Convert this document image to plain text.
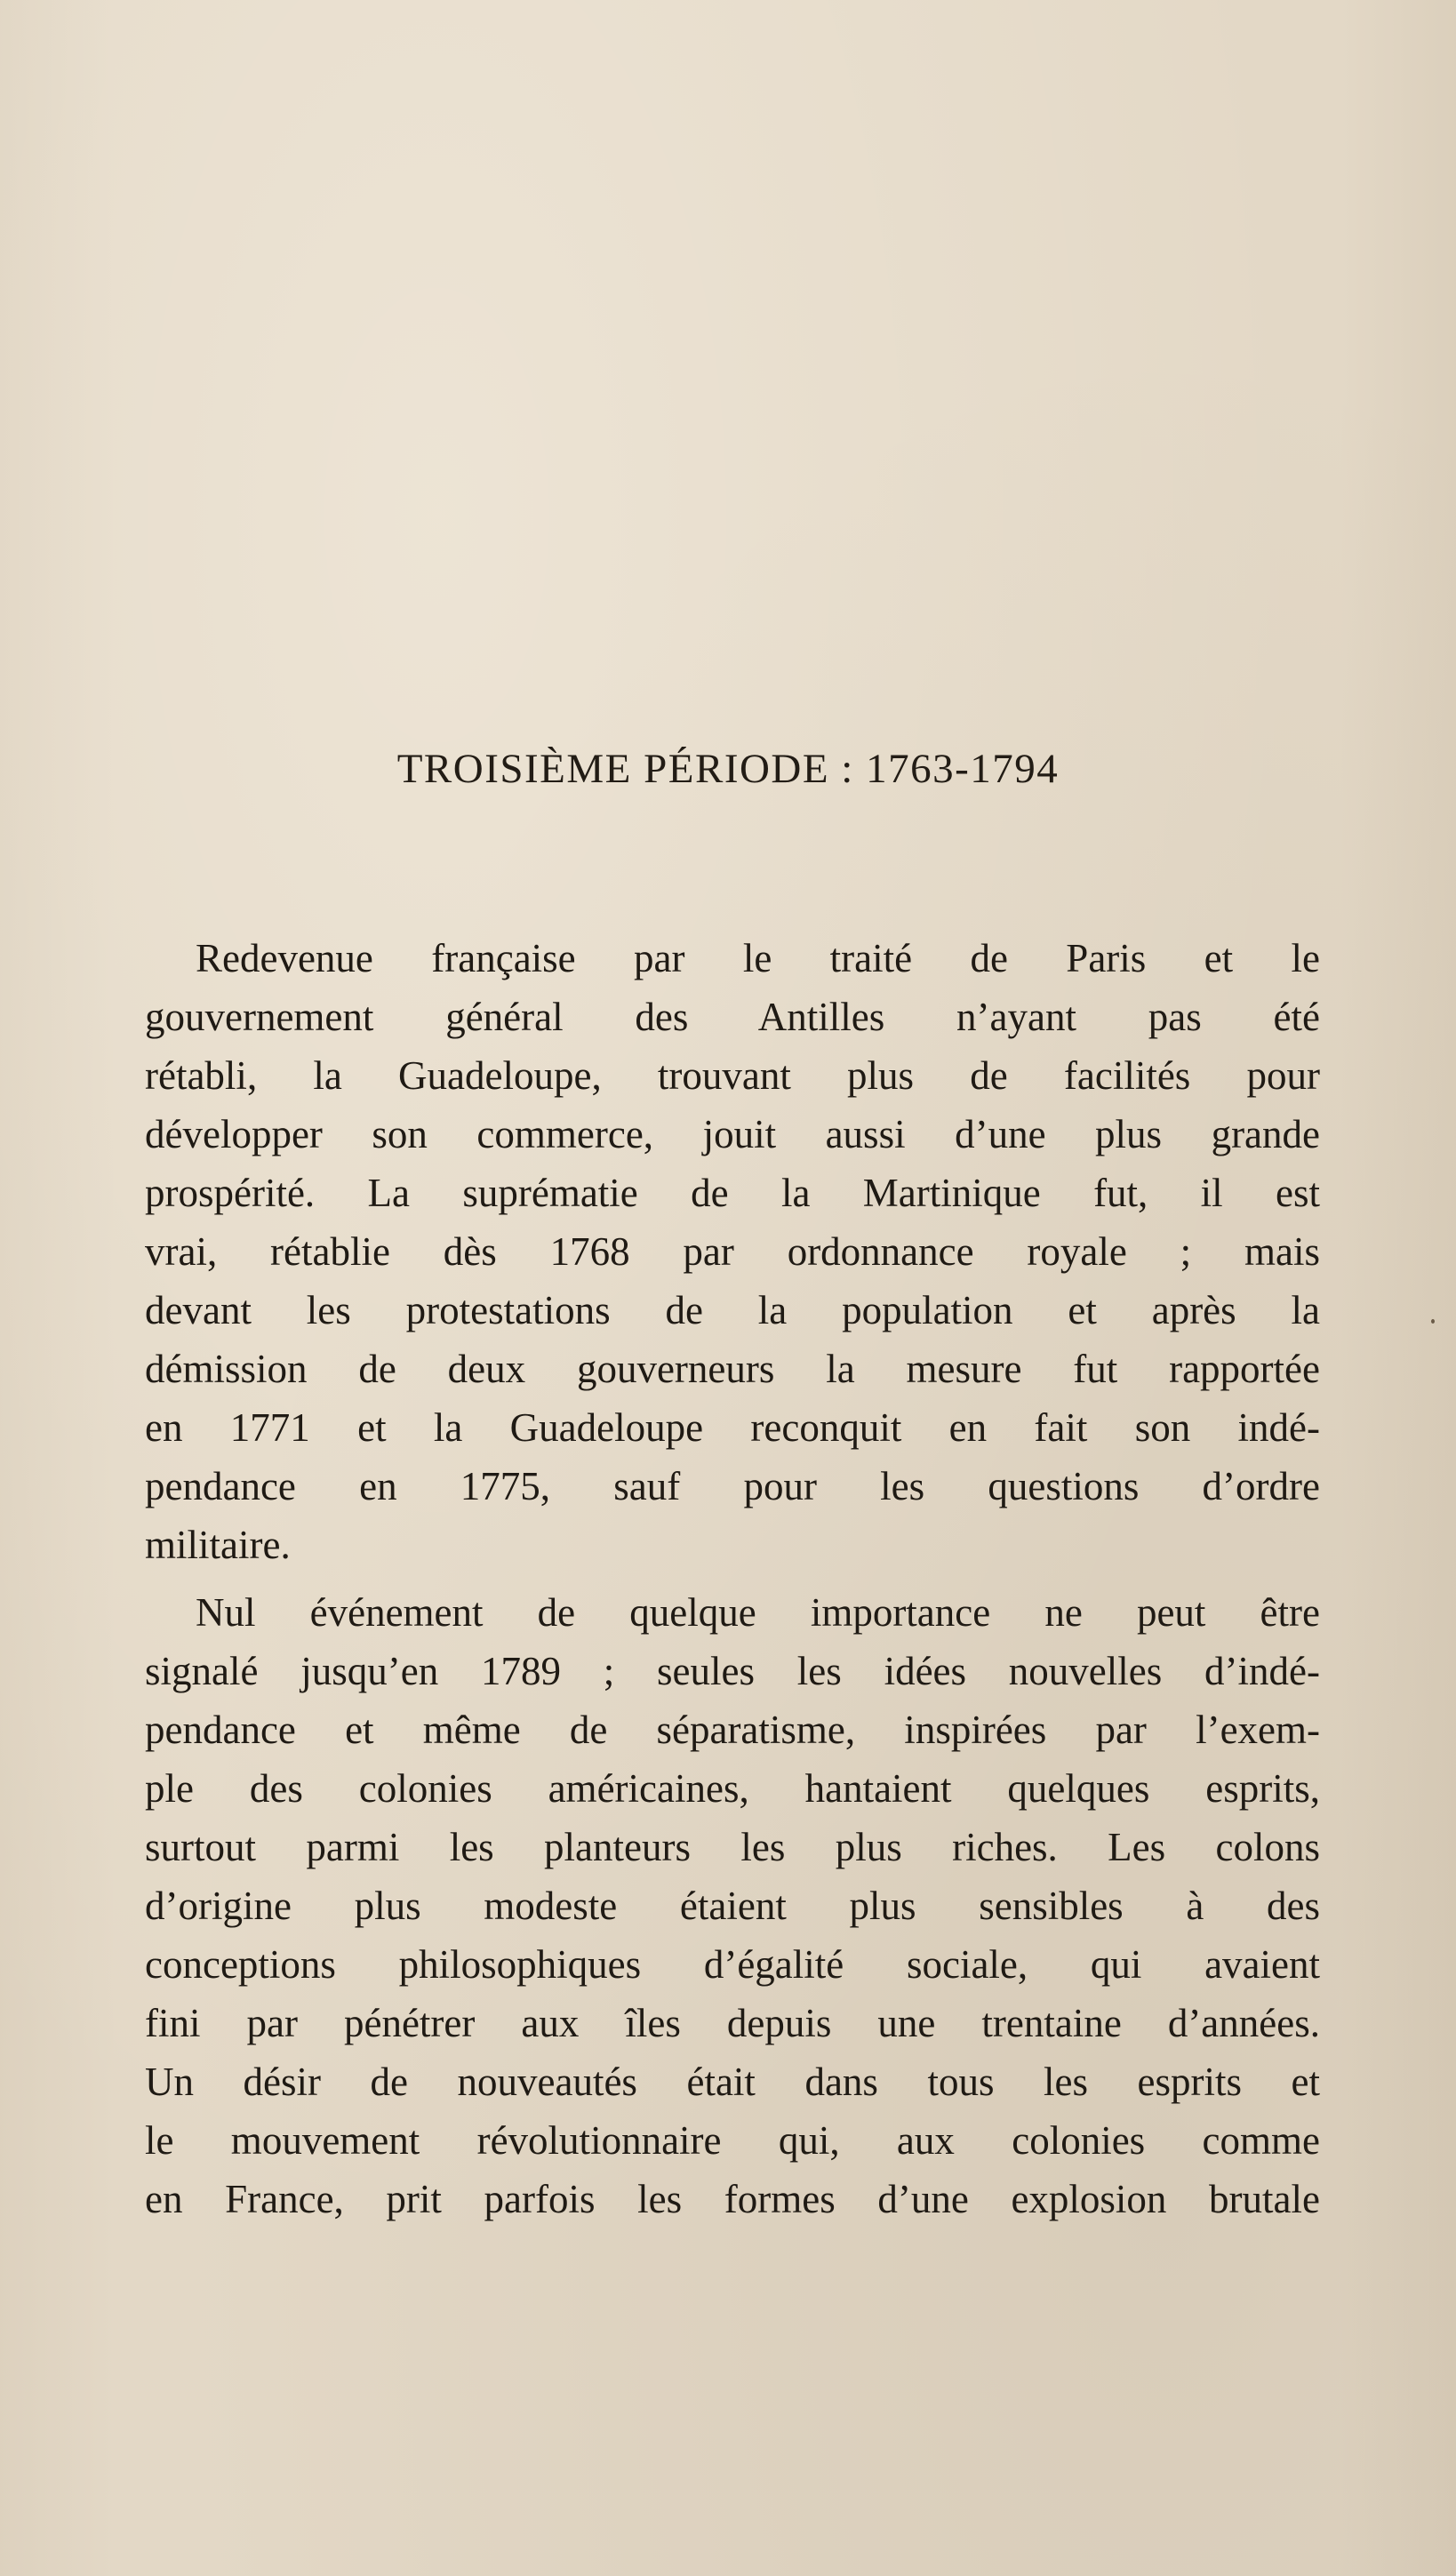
TROISIÈME PÉRIODE : 1763-1794
Redevenue française par le traité de Paris et le
gouvernement général des Antilles n’ayant pas été
rétabli, la Guadeloupe, trouvant plus de facilités pour
développer son commerce, jouit aussi d’une plus grande
prospérité. La suprématie de la Martinique fut, il est
vrai, rétablie dès 1768 par ordonnance royale ; mais
devant les protestations de la population et après la
démission de deux gouverneurs la mesure fut rapportée
en 1771 et la Guadeloupe reconquit en fait son indé-
pendance en 1775, sauf pour les questions d’ordre
militaire.
Nul événement de quelque importance ne peut être
signalé jusqu’en 1789 ; seules les idées nouvelles d’indé-
pendance et même de séparatisme, inspirées par l’exem-
ple des colonies américaines, hantaient quelques esprits,
surtout parmi les planteurs les plus riches. Les colons
d’origine plus modeste étaient plus sensibles à des
conceptions philosophiques d’égalité sociale, qui avaient
fini par pénétrer aux îles depuis une trentaine d’années.
Un désir de nouveautés était dans tous les esprits et
le mouvement révolutionnaire qui, aux colonies comme
en France, prit parfois les formes d’une explosion brutale
